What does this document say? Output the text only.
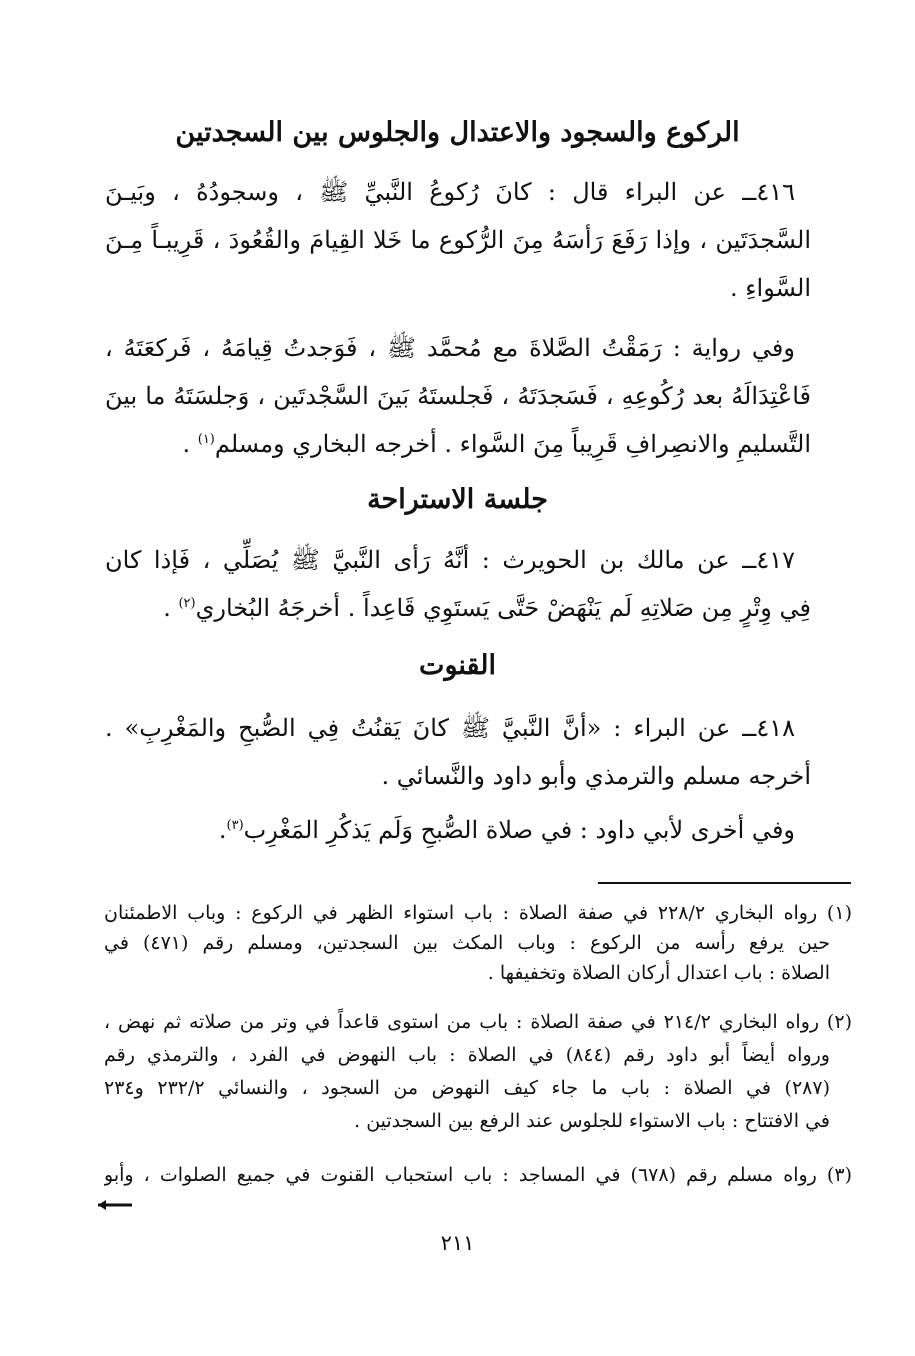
الركوع والسجود والاعتدال والجلوس بين السجدتين
٤١٦ــ عن البراء قال : كانَ رُكوعُ النَّبيِّ ﷺ ، وسجودُهُ ، وبَيـنَ
السَّجدَتَين ، وإذا رَفَعَ رَأسَهُ مِنَ الرُّكوع ما خَلا القِيامَ والقُعُودَ ، قَرِيبـاً مِـنَ
السَّواءِ .
وفي رواية : رَمَقْتُ الصَّلاةَ مع مُحمَّد ﷺ ، فَوَجدتُ قِيامَهُ ، فَركعَتَهُ ،
فَاعْتِدَالَهُ بعد رُكُوعِهِ ، فَسَجدَتَهُ ، فَجلستَهُ بَينَ السَّجْدتَين ، وَجلسَتَهُ ما بينَ
التَّسليمِ والانصِرافِ قَرِيباً مِنَ السَّواء . أخرجه البخاري ومسلم$^{(١)}$ .
جلسة الاستراحة
٤١٧ــ عن مالك بن الحويرث : أنَّهُ رَأى النَّبيَّ ﷺ يُصَلِّي ، فَإذا كان
فِي وِتْرٍ مِن صَلاتِهِ لَم يَنْهَضْ حَتَّى يَستَوِي قَاعِداً . أخرجَهُ البُخاري$^{(٢)}$ .
القنوت
٤١٨ــ عن البراء : «أنَّ النَّبيَّ ﷺ كانَ يَقنُتُ فِي الصُّبحِ والمَغْرِبِ» .
أخرجه مسلم والترمذي وأبو داود والنَّسائي .
وفي أخرى لأبي داود : في صلاة الصُّبحِ وَلَم يَذكُرِ المَغْرِب$^{(٣)}$.
(١) رواه البخاري ٢٢٨/٢ في صفة الصلاة : باب استواء الظهر في الركوع : وباب الاطمئنان
حين يرفع رأسه من الركوع : وباب المكث بين السجدتين، ومسلم رقم (٤٧١) في
الصلاة : باب اعتدال أركان الصلاة وتخفيفها .
(٢) رواه البخاري ٢١٤/٢ في صفة الصلاة : باب من استوى قاعداً في وتر من صلاته ثم نهض ،
ورواه أيضاً أبو داود رقم (٨٤٤) في الصلاة : باب النهوض في الفرد ، والترمذي رقم
(٢٨٧) في الصلاة : باب ما جاء كيف النهوض من السجود ، والنسائي ٢٣٢/٢ و٢٣٤
في الافتتاح : باب الاستواء للجلوس عند الرفع بين السجدتين .
(٣) رواه مسلم رقم (٦٧٨) في المساجد : باب استحباب القنوت في جميع الصلوات ، وأبو
٢١١
